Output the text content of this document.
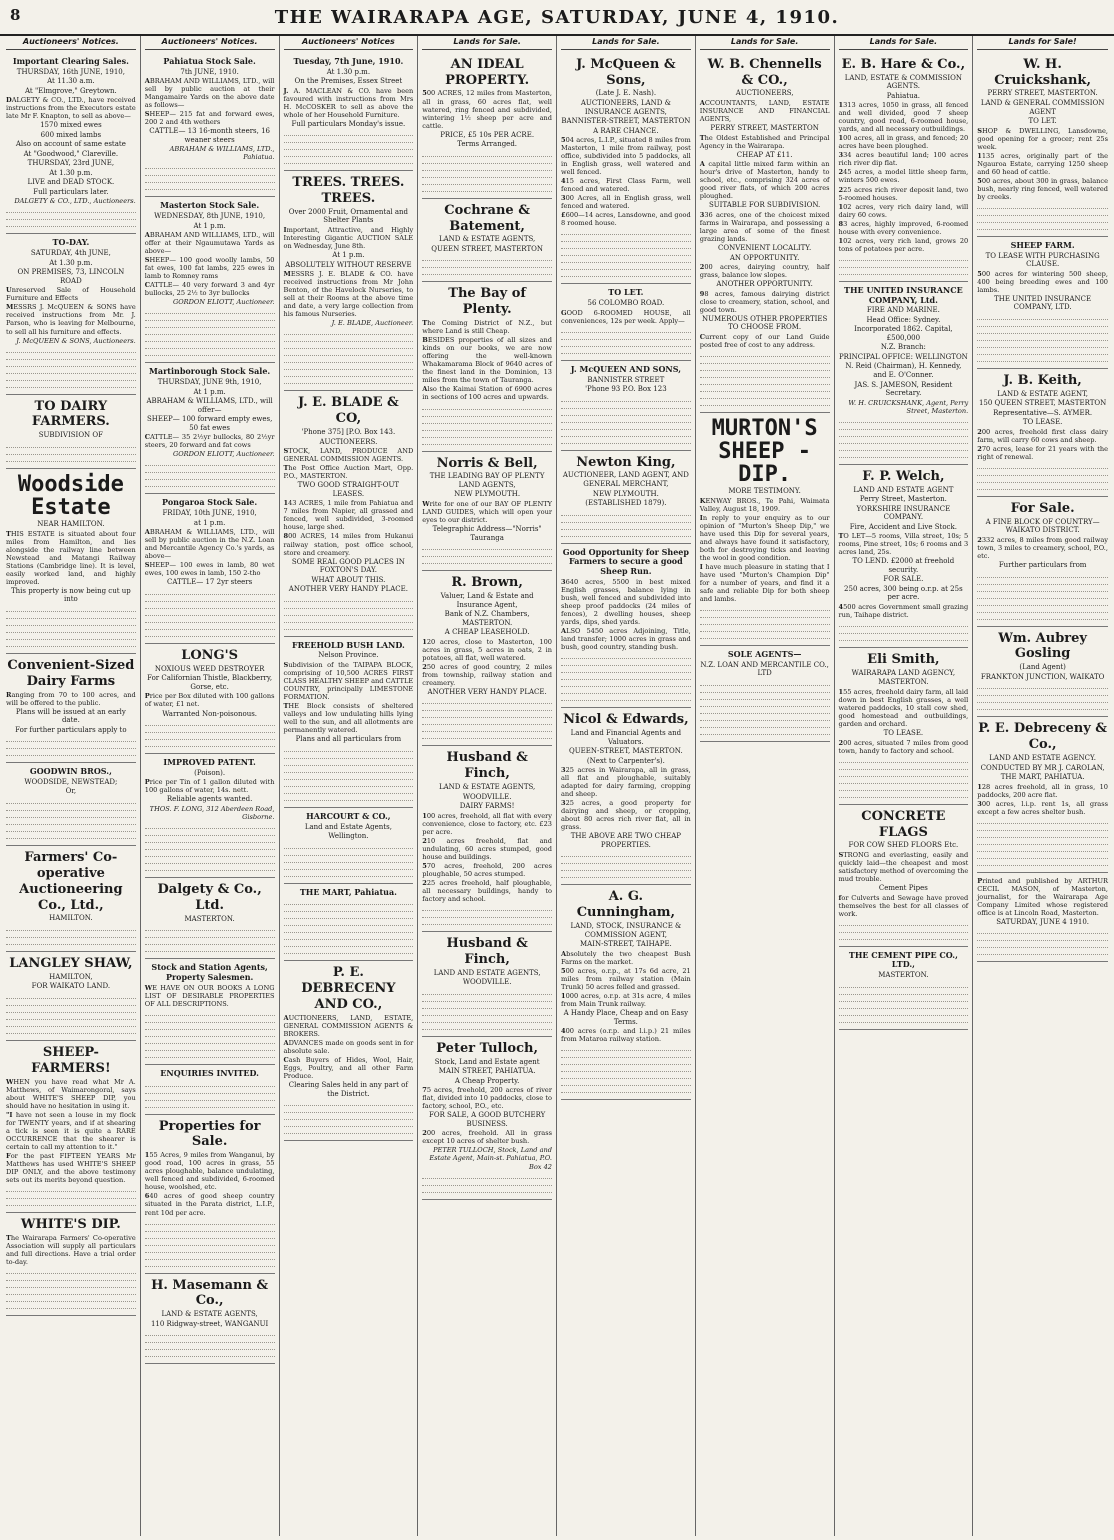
8	THE WAIRARAPA AGE, SATURDAY, JUNE 4, 1910.
Auctioneers' Notices.
Important Clearing Sales.
THURSDAY, 16th JUNE, 1910,
At 11.30 a.m.
At "Elmgrove," Greytown.
DALGETY & CO., LTD., have received instructions from the Executors estate late Mr F. Knapton, to sell as above—
1570 mixed ewes
600 mixed lambs
Also on account of same estate
At "Goodwood," Clareville.
THURSDAY, 23rd JUNE,
At 1.30 p.m.
LIVE and DEAD STOCK.
Full particulars later.
DALGETY & CO., LTD., Auctioneers.
TO-DAY.
SATURDAY, 4th JUNE,
At 1.30 p.m.
ON PREMISES, 73, LINCOLN ROAD
Unreserved Sale of Household Furniture and Effects
MESSRS J. McQUEEN & SONS have received instructions from Mr. J. Parson, who is leaving for Melbourne, to sell all his furniture and effects.
J. McQUEEN & SONS, Auctioneers.
TO DAIRY FARMERS.
SUBDIVISION OF
Woodside Estate
NEAR HAMILTON.
THIS ESTATE is situated about four miles from Hamilton, and lies alongside the railway line between Newstead and Matangi Railway Stations (Cambridge line). It is level, easily worked land, and highly improved.
This property is now being cut up into
Convenient-Sized Dairy Farms
Ranging from 70 to 100 acres, and will be offered to the public.
Plans will be issued at an early date.
For further particulars apply to
GOODWIN BROS.,
WOODSIDE, NEWSTEAD;
Or,
Farmers' Co-operative Auctioneering Co., Ltd.,
HAMILTON.
LANGLEY SHAW,
HAMILTON,
FOR WAIKATO LAND.
SHEEP-FARMERS!
WHEN you have read what Mr A. Matthews, of Waimarongoral, says about WHITE'S SHEEP DIP, you should have no hesitation in using it.
"I have not seen a louse in my flock for TWENTY years, and if at shearing a tick is seen it is quite a RARE OCCURRENCE that the shearer is certain to call my attention to it."
For the past FIFTEEN YEARS Mr Matthews has used WHITE'S SHEEP DIP ONLY, and the above testimony sets out its merits beyond question.
WHITE'S DIP.
The Wairarapa Farmers' Co-operative Association will supply all particulars and full directions. Have a trial order to-day.
Auctioneers' Notices.
Pahiatua Stock Sale.
7th JUNE, 1910.
ABRAHAM AND WILLIAMS, LTD., will sell by public auction at their Mangamaire Yards on the above date as follows—
SHEEP— 215 fat and forward ewes, 200 2 and 4th wethers
CATTLE— 13 16-month steers, 16 weaner steers
ABRAHAM & WILLIAMS, LTD., Pahiatua.
Masterton Stock Sale.
WEDNESDAY, 8th JUNE, 1910,
At 1 p.m.
ABRAHAM AND WILLIAMS, LTD., will offer at their Ngaumutawa Yards as above—
SHEEP— 100 good woolly lambs, 50 fat ewes, 100 fat lambs, 225 ewes in lamb to Romney rams
CATTLE— 40 very forward 3 and 4yr bullocks, 25 2½ to 3yr bullocks
GORDON ELIOTT, Auctioneer.
Martinborough Stock Sale.
THURSDAY, JUNE 9th, 1910,
At 1 p.m.
ABRAHAM & WILLIAMS, LTD., will offer—
SHEEP— 100 forward empty ewes, 50 fat ewes
CATTLE— 35 2½yr bullocks, 80 2½yr steers, 20 forward and fat cows
GORDON ELIOTT, Auctioneer.
Pongaroa Stock Sale.
FRIDAY, 10th JUNE, 1910,
at 1 p.m.
ABRAHAM & WILLIAMS, LTD., will sell by public auction in the N.Z. Loan and Mercantile Agency Co.'s yards, as above—
SHEEP— 100 ewes in lamb, 80 wet ewes, 100 ewes in lamb, 150 2-tho
CATTLE— 17 2yr steers
LONG'S
NOXIOUS WEED DESTROYER
For Californian Thistle, Blackberry, Gorse, etc.
Price per Box diluted with 100 gallons of water, £1 net.
Warranted Non-poisonous.
IMPROVED PATENT.
(Poison).
Price per Tin of 1 gallon diluted with 100 gallons of water, 14s. nett.
Reliable agents wanted.
THOS. F. LONG, 312 Aberdeen Road, Gisborne.
Dalgety & Co., Ltd.
MASTERTON.
Stock and Station Agents, Property Salesmen.
WE HAVE ON OUR BOOKS A LONG LIST OF DESIRABLE PROPERTIES OF ALL DESCRIPTIONS.
ENQUIRIES INVITED.
Properties for Sale.
155 Acres, 9 miles from Wanganui, by good road, 100 acres in grass, 55 acres ploughable, balance undulating, well fenced and subdivided, 6-roomed house, woolshed, etc.
640 acres of good sheep country situated in the Parata district, L.I.P., rent 10d per acre.
H. Masemann & Co.,
LAND & ESTATE AGENTS,
110 Ridgway-street, WANGANUI
Auctioneers' Notices
Tuesday, 7th June, 1910.
At 1.30 p.m.
On the Premises, Essex Street
J. A. MACLEAN & CO. have been favoured with instructions from Mrs H. McCOSKER to sell as above the whole of her Household Furniture.
Full particulars Monday's issue.
TREES. TREES. TREES.
Over 2000 Fruit, Ornamental and Shelter Plants
Important, Attractive, and Highly Interesting Gigantic AUCTION SALE on Wednesday, June 8th.
At 1 p.m.
ABSOLUTELY WITHOUT RESERVE
MESSRS J. E. BLADE & CO. have received instructions from Mr John Benton, of the Havelock Nurseries, to sell at their Rooms at the above time and date, a very large collection from his famous Nurseries.
J. E. BLADE, Auctioneer.
J. E. BLADE & CO,
'Phone 375] [P.O. Box 143.
AUCTIONEERS.
STOCK, LAND, PRODUCE AND GENERAL COMMISSION AGENTS.
The Post Office Auction Mart, Opp. P.O., MASTERTON.
TWO GOOD STRAIGHT-OUT LEASES.
143 ACRES, 1 mile from Pahiatua and 7 miles from Napier, all grassed and fenced, well subdivided, 3-roomed house, large shed.
800 ACRES, 14 miles from Hukanui railway station, post office school, store and creamery.
SOME REAL GOOD PLACES IN FOXTON'S DAY.
WHAT ABOUT THIS.
ANOTHER VERY HANDY PLACE.
FREEHOLD BUSH LAND.
Nelson Province.
Subdivision of the TAIPAPA BLOCK, comprising of 10,500 ACRES FIRST CLASS HEALTHY SHEEP and CATTLE COUNTRY, principally LIMESTONE FORMATION.
THE Block consists of sheltered valleys and low undulating hills lying well to the sun, and all allotments are permanently watered.
Plans and all particulars from
HARCOURT & CO.,
Land and Estate Agents,
Wellington.
THE MART, Pahiatua.
P. E. DEBRECENY AND CO.,
AUCTIONEERS, LAND, ESTATE, GENERAL COMMISSION AGENTS & BROKERS.
ADVANCES made on goods sent in for absolute sale.
Cash Buyers of Hides, Wool, Hair, Eggs, Poultry, and all other Farm Produce.
Clearing Sales held in any part of the District.
Lands for Sale.
AN IDEAL PROPERTY.
500 ACRES, 12 miles from Masterton, all in grass, 60 acres flat, well watered, ring fenced and subdivided, wintering 1½ sheep per acre and cattle.
PRICE, £5 10s PER ACRE.
Terms Arranged.
Cochrane & Batement,
LAND & ESTATE AGENTS,
QUEEN STREET, MASTERTON
The Bay of Plenty.
The Coming District of N.Z., but where Land is still Cheap.
BESIDES properties of all sizes and kinds on our books, we are now offering the well-known Whakamarama Block of 9640 acres of the finest land in the Dominion, 13 miles from the town of Tauranga.
Also the Kaimai Station of 6900 acres in sections of 100 acres and upwards.
Norris & Bell,
THE LEADING BAY OF PLENTY LAND AGENTS,
NEW PLYMOUTH.
Write for one of our BAY OF PLENTY LAND GUIDES, which will open your eyes to our district.
Telegraphic Address—"Norris" Tauranga
R. Brown,
Valuer, Land & Estate and Insurance Agent,
Bank of N.Z. Chambers, MASTERTON.
A CHEAP LEASEHOLD.
120 acres, close to Masterton, 100 acres in grass, 5 acres in oats, 2 in potatoes, all flat, well watered.
250 acres of good country, 2 miles from township, railway station and creamery.
ANOTHER VERY HANDY PLACE.
Husband & Finch,
LAND & ESTATE AGENTS,
WOODVILLE.
DAIRY FARMS!
100 acres, freehold, all flat with every convenience, close to factory, etc. £23 per acre.
210 acres freehold, flat and undulating, 60 acres stumped, good house and buildings.
570 acres, freehold, 200 acres ploughable, 50 acres stumped.
225 acres freehold, half ploughable, all necessary buildings, handy to factory and school.
Husband & Finch,
LAND AND ESTATE AGENTS,
WOODVILLE.
Peter Tulloch,
Stock, Land and Estate agent
MAIN STREET, PAHIATUA.
A Cheap Property.
75 acres, freehold, 200 acres of river flat, divided into 10 paddocks, close to factory, school, P.O., etc.
FOR SALE, A GOOD BUTCHERY BUSINESS.
200 acres, freehold. All in grass except 10 acres of shelter bush.
PETER TULLOCH, Stock, Land and Estate Agent, Main-st. Pahiatua, P.O. Box 42
Lands for Sale.
J. McQueen & Sons,
(Late J. E. Nash).
AUCTIONEERS, LAND & INSURANCE AGENTS,
BANNISTER-STREET, MASTERTON
A RARE CHANCE.
504 acres, L.I.P., situated 8 miles from Masterton, 1 mile from railway, post office, subdivided into 5 paddocks, all in English grass, well watered and well fenced.
415 acres, First Class Farm, well fenced and watered.
300 Acres, all in English grass, well fenced and watered.
£600—14 acres, Lansdowne, and good 8 roomed house.
TO LET.
56 COLOMBO ROAD.
GOOD 6-ROOMED HOUSE, all conveniences, 12s per week. Apply—
J. McQUEEN AND SONS,
BANNISTER STREET
'Phone 93 P.O. Box 123
Newton King,
AUCTIONEER, LAND AGENT, AND GENERAL MERCHANT,
NEW PLYMOUTH.
(ESTABLISHED 1879).
Good Opportunity for Sheep Farmers to secure a good Sheep Run.
3640 acres, 5500 in best mixed English grasses, balance lying in bush, well fenced and subdivided into sheep proof paddocks (24 miles of fences), 2 dwelling houses, sheep yards, dips, shed yards.
ALSO 5450 acres Adjoining, Title, land transfer; 1000 acres in grass and bush, good country, standing bush.
Nicol & Edwards,
Land and Financial Agents and Valuators.
QUEEN-STREET, MASTERTON.
(Next to Carpenter's).
325 acres in Wairarapa, all in grass, all flat and ploughable, suitably adapted for dairy farming, cropping and sheep.
325 acres, a good property for dairying and sheep, or cropping, about 80 acres rich river flat, all in grass.
THE ABOVE ARE TWO CHEAP PROPERTIES.
A. G. Cunningham,
LAND, STOCK, INSURANCE & COMMISSION AGENT,
MAIN-STREET, TAIHAPE.
Absolutely the two cheapest Bush Farms on the market.
500 acres, o.r.p., at 17s 6d acre, 21 miles from railway station (Main Trunk) 50 acres felled and grassed.
1000 acres, o.r.p. at 31s acre, 4 miles from Main Trunk railway.
A Handy Place, Cheap and on Easy Terms.
400 acres (o.r.p. and l.i.p.) 21 miles from Mataroa railway station.
Lands for Sale.
W. B. Chennells & CO.,
AUCTIONEERS,
ACCOUNTANTS, LAND, ESTATE INSURANCE AND FINANCIAL AGENTS,
PERRY STREET, MASTERTON
The Oldest Established and Principal Agency in the Wairarapa.
CHEAP AT £11.
A capital little mixed farm within an hour's drive of Masterton, handy to school, etc., comprising 324 acres of good river flats, of which 200 acres ploughed.
SUITABLE FOR SUBDIVISION.
336 acres, one of the choicest mixed farms in Wairarapa, and possessing a large area of some of the finest grazing lands.
CONVENIENT LOCALITY.
AN OPPORTUNITY.
200 acres, dairying country, half grass, balance low slopes.
ANOTHER OPPORTUNITY.
98 acres, famous dairying district close to creamery, station, school, and good town.
NUMEROUS OTHER PROPERTIES TO CHOOSE FROM.
Current copy of our Land Guide posted free of cost to any address.
MURTON'S SHEEP - DIP.
MORE TESTIMONY.
KENWAY BROS., Te Pahi, Waimata Valley, August 18, 1909.
In reply to your enquiry as to our opinion of "Murton's Sheep Dip," we have used this Dip for several years, and always have found it satisfactory, both for destroying ticks and leaving the wool in good condition.
I have much pleasure in stating that I have used "Murton's Champion Dip" for a number of years, and find it a safe and reliable Dip for both sheep and lambs.
SOLE AGENTS—
N.Z. LOAN AND MERCANTILE CO., LTD
Lands for Sale.
E. B. Hare & Co.,
LAND, ESTATE & COMMISSION AGENTS.
Pahiatua.
1313 acres, 1050 in grass, all fenced and well divided, good 7 sheep country, good road, 6-roomed house, yards, and all necessary outbuildings.
100 acres, all in grass, and fenced; 20 acres have been ploughed.
334 acres beautiful land; 100 acres rich river dip flat.
245 acres, a model little sheep farm, winters 500 ewes.
225 acres rich river deposit land, two 5-roomed houses.
102 acres, very rich dairy land, will dairy 60 cows.
83 acres, highly improved, 6-roomed house with every convenience.
102 acres, very rich land, grows 20 tons of potatoes per acre.
THE UNITED INSURANCE COMPANY, Ltd.
FIRE AND MARINE.
Head Office: Sydney.
Incorporated 1862. Capital, £500,000
N.Z. Branch:
PRINCIPAL OFFICE: WELLINGTON
N. Reid (Chairman), H. Kennedy, and E. O'Conner.
JAS. S. JAMESON, Resident Secretary.
W. H. CRUICKSHANK, Agent, Perry Street, Masterton.
F. P. Welch,
LAND AND ESTATE AGENT
Perry Street, Masterton.
YORKSHIRE INSURANCE COMPANY.
Fire, Accident and Live Stock.
TO LET—5 rooms, Villa street, 10s; 5 rooms, Pine street, 10s; 6 rooms and 3 acres land, 25s.
TO LEND. £2000 at freehold security.
FOR SALE.
250 acres, 300 being o.r.p. at 25s per acre.
4500 acres Government small grazing run, Taihape district.
Eli Smith,
WAIRARAPA LAND AGENCY,
MASTERTON.
155 acres, freehold dairy farm, all laid down in best English grasses, a well watered paddocks, 10 stall cow shed, good homestead and outbuildings, garden and orchard.
TO LEASE.
200 acres, situated 7 miles from good town, handy to factory and school.
CONCRETE FLAGS
FOR COW SHED FLOORS Etc.
STRONG and everlasting, easily and quickly laid—the cheapest and most satisfactory method of overcoming the mud trouble.
Cement Pipes
for Culverts and Sewage have proved themselves the best for all classes of work.
THE CEMENT PIPE CO., LTD.,
MASTERTON.
Lands for Sale!
W. H. Cruickshank,
PERRY STREET, MASTERTON.
LAND & GENERAL COMMISSION AGENT
TO LET.
SHOP & DWELLING, Lansdowne, good opening for a grocer; rent 25s week.
1135 acres, originally part of the Ngauroa Estate, carrying 1250 sheep and 60 head of cattle.
500 acres, about 300 in grass, balance bush, nearly ring fenced, well watered by creeks.
SHEEP FARM.
TO LEASE WITH PURCHASING CLAUSE.
500 acres for wintering 500 sheep, 400 being breeding ewes and 100 lambs.
THE UNITED INSURANCE COMPANY, LTD.
J. B. Keith,
LAND & ESTATE AGENT,
150 QUEEN STREET, MASTERTON
Representative—S. AYMER.
TO LEASE.
200 acres, freehold first class dairy farm, will carry 60 cows and sheep.
270 acres, lease for 21 years with the right of renewal.
For Sale.
A FINE BLOCK OF COUNTRY—WAIKATO DISTRICT.
2332 acres, 8 miles from good railway town, 3 miles to creamery, school, P.O., etc.
Further particulars from
Wm. Aubrey Gosling
(Land Agent)
FRANKTON JUNCTION, WAIKATO
P. E. Debreceny & Co.,
LAND AND ESTATE AGENCY.
CONDUCTED BY MR J. CAROLAN,
THE MART, PAHIATUA.
128 acres freehold, all in grass, 10 paddocks, 200 acre flat.
300 acres, l.i.p. rent 1s, all grass except a few acres shelter bush.
Printed and published by ARTHUR CECIL MASON, of Masterton, journalist, for the Wairarapa Age Company Limited whose registered office is at Lincoln Road, Masterton.
SATURDAY, JUNE 4 1910.
